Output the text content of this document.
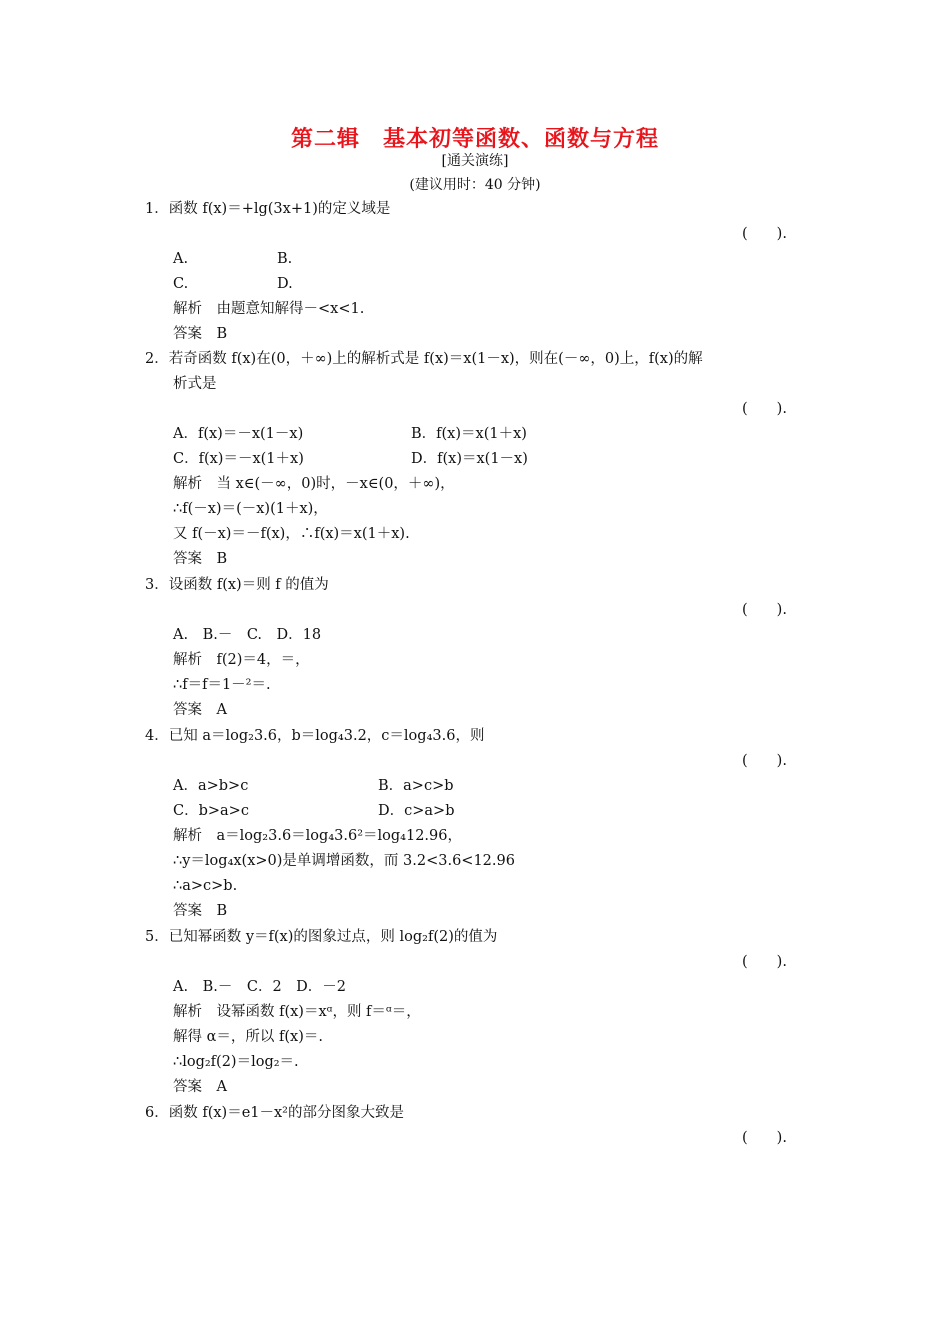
第二辑　基本初等函数、函数与方程
[通关演练]
(建议用时：40 分钟)
1．函数 f(x)＝+lg(3x+1)的定义域是
(　　).
A.	B.
C.	D.
解析　由题意知解得－<x<1.
答案　B
2．若奇函数 f(x)在(0，＋∞)上的解析式是 f(x)＝x(1－x)，则在(－∞，0)上，f(x)的解
析式是
(　　).
A．f(x)＝－x(1－x)	B．f(x)＝x(1＋x)
C．f(x)＝－x(1＋x)	D．f(x)＝x(1－x)
解析　当 x∈(－∞，0)时，－x∈(0，＋∞)，
∴f(－x)＝(－x)(1＋x)，
又 f(－x)＝－f(x)，∴f(x)＝x(1＋x).
答案　B
3．设函数 f(x)＝则 f 的值为
(　　).
A.　B.－　C.　D．18
解析　f(2)＝4，＝，
∴f＝f＝1－²＝.
答案　A
4．已知 a＝log₂3.6，b＝log₄3.2，c＝log₄3.6，则
(　　).
A．a>b>c	B．a>c>b
C．b>a>c	D．c>a>b
解析　a＝log₂3.6＝log₄3.6²＝log₄12.96，
∴y＝log₄x(x>0)是单调增函数，而 3.2<3.6<12.96
∴a>c>b.
答案　B
5．已知幂函数 y＝f(x)的图象过点，则 log₂f(2)的值为
(　　).
A.　B.－　C．2　D．－2
解析　设幂函数 f(x)＝xᵅ，则 f＝ᵅ＝，
解得 α＝，所以 f(x)＝.
∴log₂f(2)＝log₂＝.
答案　A
6．函数 f(x)＝e1－x²的部分图象大致是
(　　).
